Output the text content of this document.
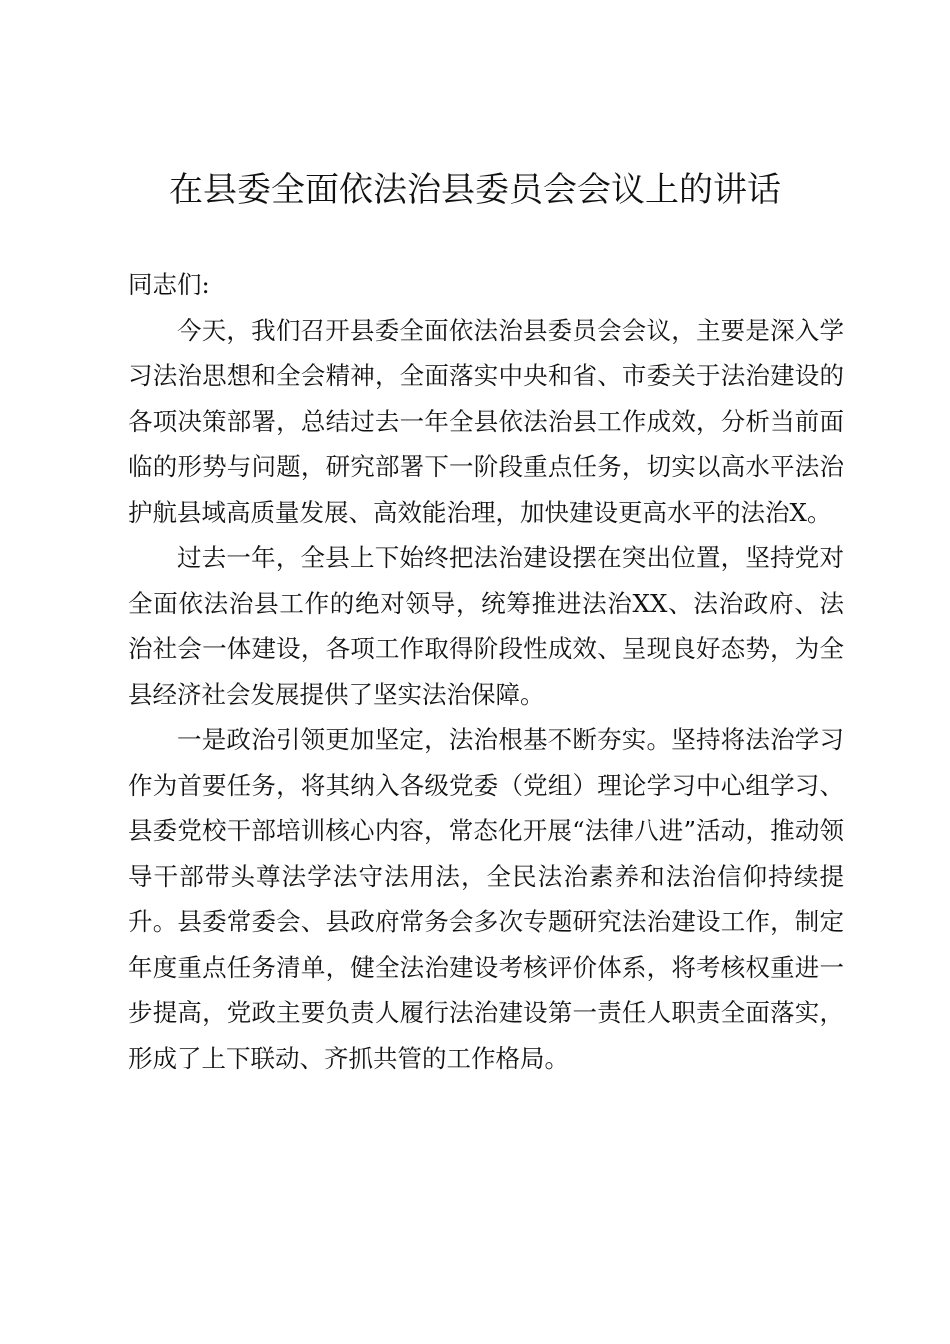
在县委全面依法治县委员会会议上的讲话

同志们:

今天，我们召开县委全面依法治县委员会会议，主要是深入学习法治思想和全会精神，全面落实中央和省、市委关于法治建设的各项决策部署，总结过去一年全县依法治县工作成效，分析当前面临的形势与问题，研究部署下一阶段重点任务，切实以高水平法治护航县域高质量发展、高效能治理，加快建设更高水平的法治X。

过去一年，全县上下始终把法治建设摆在突出位置，坚持党对全面依法治县工作的绝对领导，统筹推进法治XX、法治政府、法治社会一体建设，各项工作取得阶段性成效、呈现良好态势，为全县经济社会发展提供了坚实法治保障。

一是政治引领更加坚定，法治根基不断夯实。坚持将法治学习作为首要任务，将其纳入各级党委（党组）理论学习中心组学习、县委党校干部培训核心内容，常态化开展“法律八进”活动，推动领导干部带头尊法学法守法用法，全民法治素养和法治信仰持续提升。县委常委会、县政府常务会多次专题研究法治建设工作，制定年度重点任务清单，健全法治建设考核评价体系，将考核权重进一步提高，党政主要负责人履行法治建设第一责任人职责全面落实，形成了上下联动、齐抓共管的工作格局。
